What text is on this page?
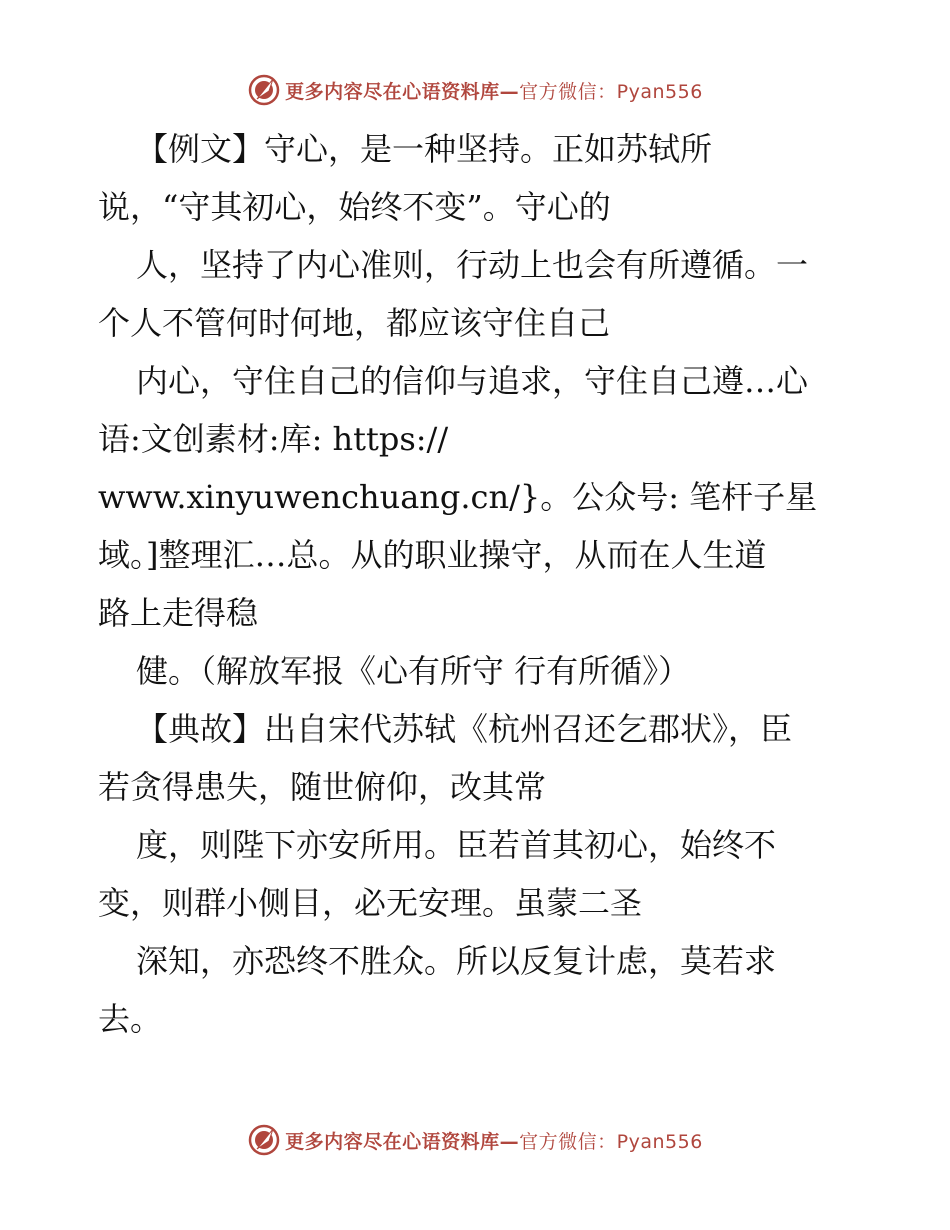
更多内容尽在心语资料库—官方微信：Pyan556
【例文】守心，是一种坚持。正如苏轼所
说，“守其初心，始终不变”。守心的
人，坚持了内心准则，行动上也会有所遵循。一
个人不管何时何地，都应该守住自己
内心，守住自己的信仰与追求，守住自己遵…心
语:文创素材:库: https://
www.xinyuwenchuang.cn/}。公众号: 笔杆子星
域。]整理汇…总。从的职业操守，从而在人生道
路上走得稳
健。（解放军报《心有所守 行有所循》）
【典故】出自宋代苏轼《杭州召还乞郡状》，臣
若贪得患失，随世俯仰，改其常
度，则陛下亦安所用。臣若首其初心，始终不
变，则群小侧目，必无安理。虽蒙二圣
深知，亦恐终不胜众。所以反复计虑，莫若求
去。
更多内容尽在心语资料库—官方微信：Pyan556
